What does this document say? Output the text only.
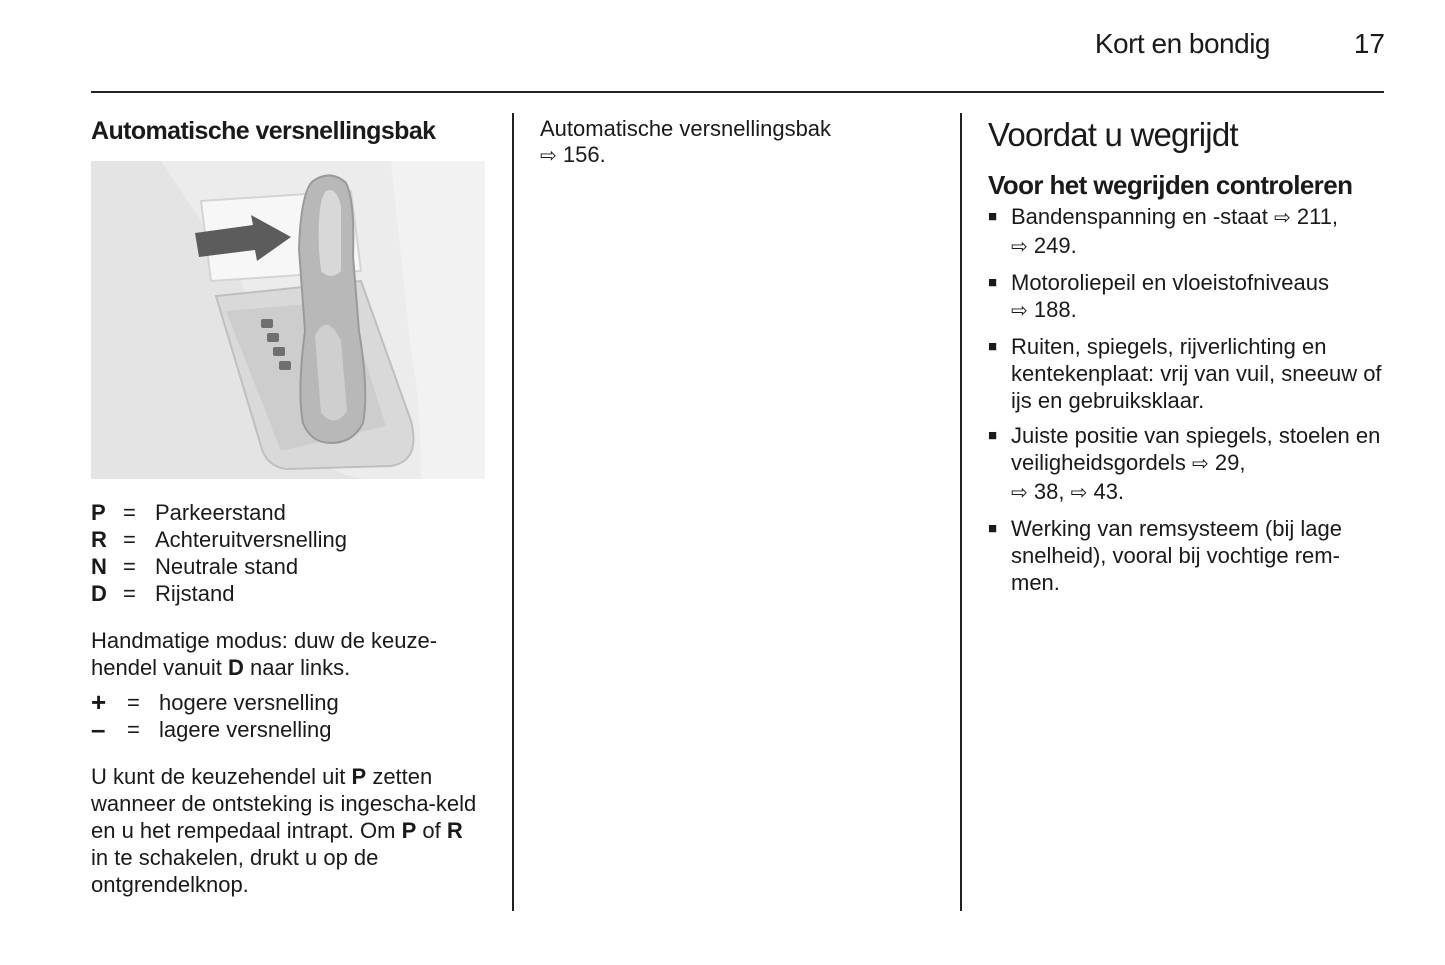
Kort en bondig	17
Automatische versnellingsbak
P = Parkeerstand
R = Achteruitversnelling
N = Neutrale stand
D = Rijstand
Handmatige modus: duw de keuze-
hendel vanuit D naar links.
+ = hogere versnelling
– = lagere versnelling
U kunt de keuzehendel uit P zetten wanneer de ontsteking is ingescha-keld en u het rempedaal intrapt. Om P of R in te schakelen, drukt u op de ontgrendelknop.
Automatische versnellingsbak
⇨ 156.
Voordat u wegrijdt
Voor het wegrijden controleren
■ Bandenspanning en -staat ⇨ 211,
⇨ 249.
■ Motoroliepeil en vloeistofniveaus
⇨ 188.
■ Ruiten, spiegels, rijverlichting en kentekenplaat: vrij van vuil, sneeuw of ijs en gebruiksklaar.
■ Juiste positie van spiegels, stoelen en veiligheidsgordels ⇨ 29,
⇨ 38, ⇨ 43.
■ Werking van remsysteem (bij lage snelheid), vooral bij vochtige rem-men.
